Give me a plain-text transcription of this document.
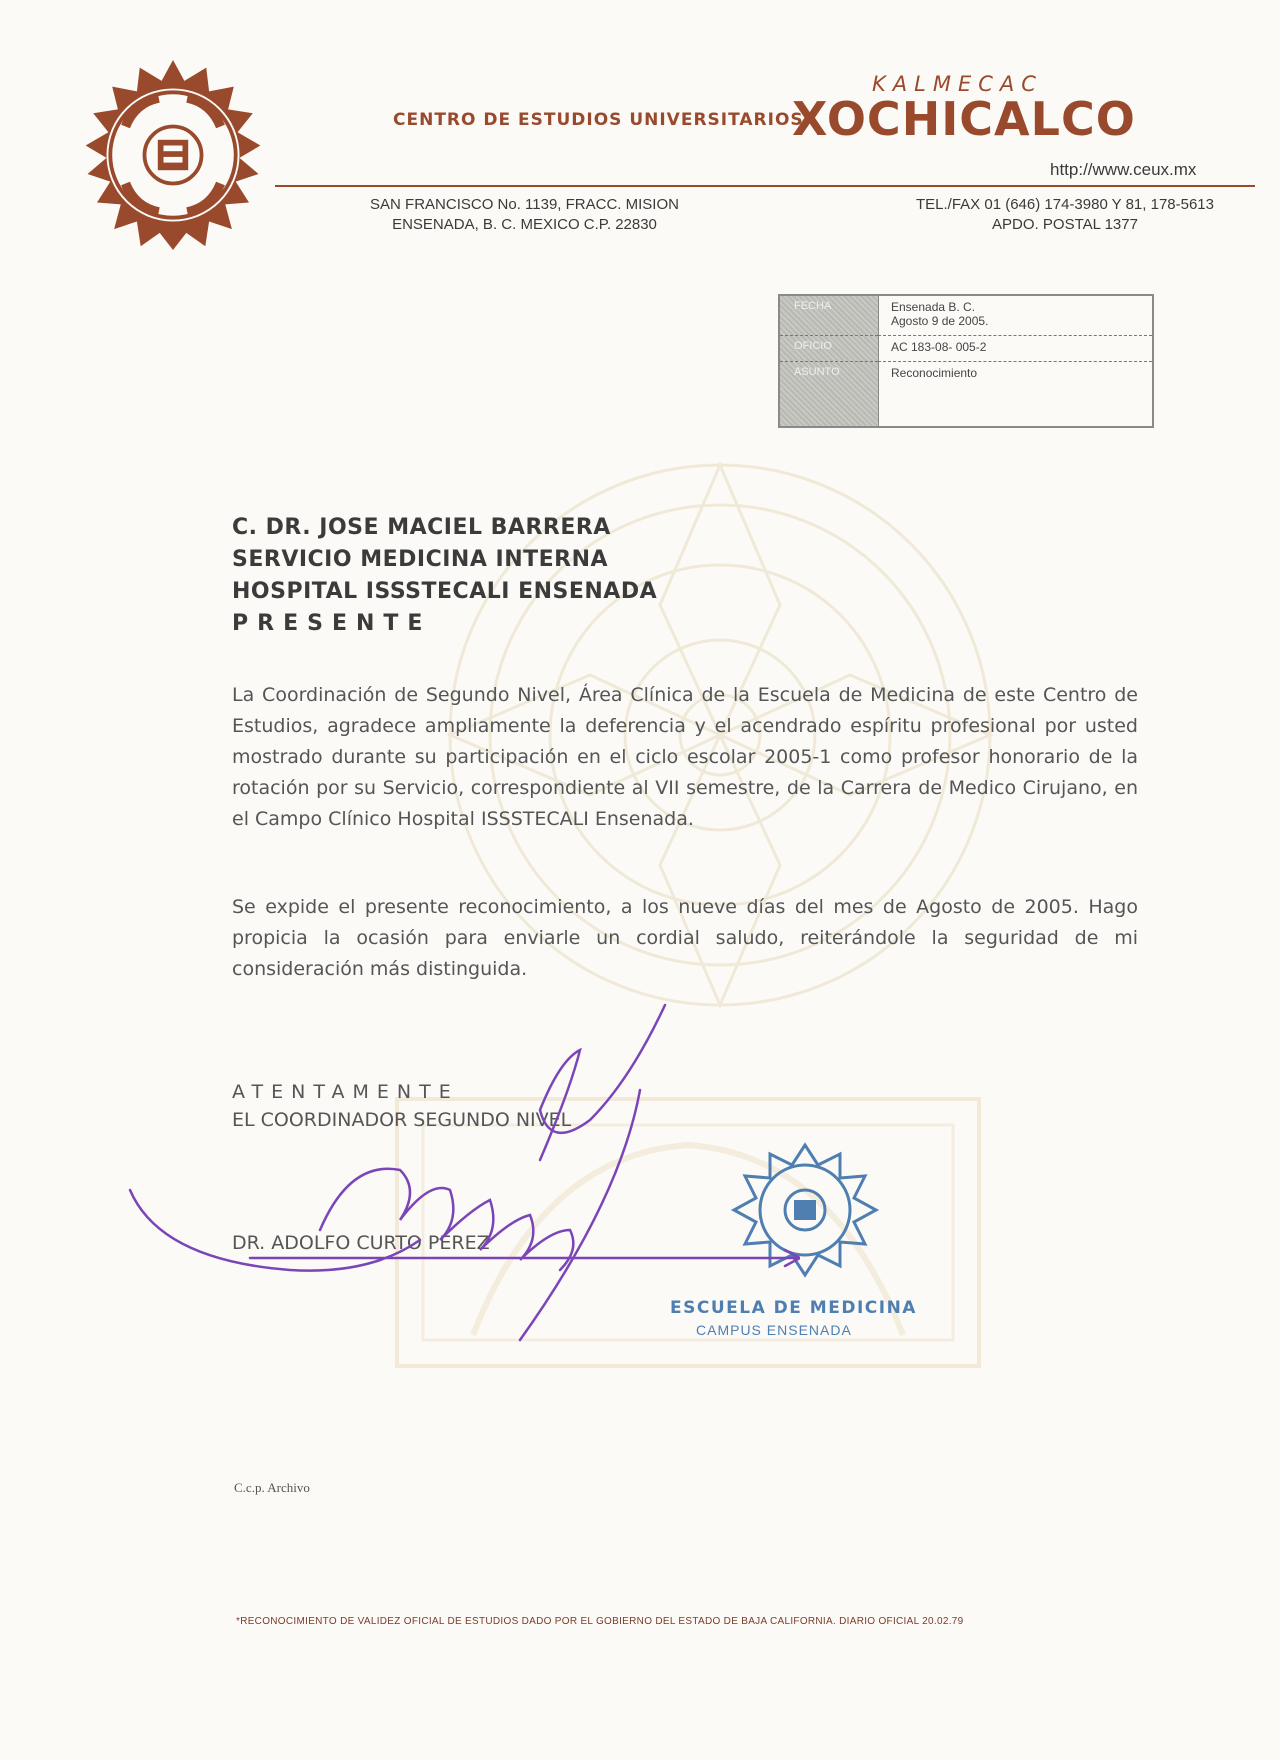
CENTRO DE ESTUDIOS UNIVERSITARIOS
KALMECAC
XOCHICALCO
http://www.ceux.mx
SAN FRANCISCO No. 1139, FRACC. MISION
ENSENADA, B. C. MEXICO C.P. 22830
TEL./FAX 01 (646) 174-3980 Y 81, 178-5613
APDO. POSTAL 1377
FECHA	Ensenada B. C.
Agosto 9 de 2005.
OFICIO	AC 183-08- 005-2
ASUNTO	Reconocimiento
C. DR. JOSE MACIEL BARRERA
SERVICIO MEDICINA INTERNA
HOSPITAL ISSSTECALI ENSENADA
PRESENTE
La Coordinación de Segundo Nivel, Área Clínica de la Escuela de Medicina de este Centro de Estudios, agradece ampliamente la deferencia y el acendrado espíritu profesional por usted mostrado durante su participación en el ciclo escolar 2005-1 como profesor honorario de la rotación por su Servicio, correspondiente al VII semestre, de la Carrera de Medico Cirujano, en el Campo Clínico Hospital ISSSTECALI Ensenada.
Se expide el presente reconocimiento, a los nueve días del mes de Agosto de 2005. Hago propicia la ocasión para enviarle un cordial saludo, reiterándole la seguridad de mi consideración más distinguida.
ATENTAMENTE
EL COORDINADOR SEGUNDO NIVEL
DR. ADOLFO CURTO PÉREZ
ESCUELA DE MEDICINA
CAMPUS ENSENADA
C.c.p. Archivo
*RECONOCIMIENTO DE VALIDEZ OFICIAL DE ESTUDIOS DADO POR EL GOBIERNO DEL ESTADO DE BAJA CALIFORNIA. DIARIO OFICIAL 20.02.79
